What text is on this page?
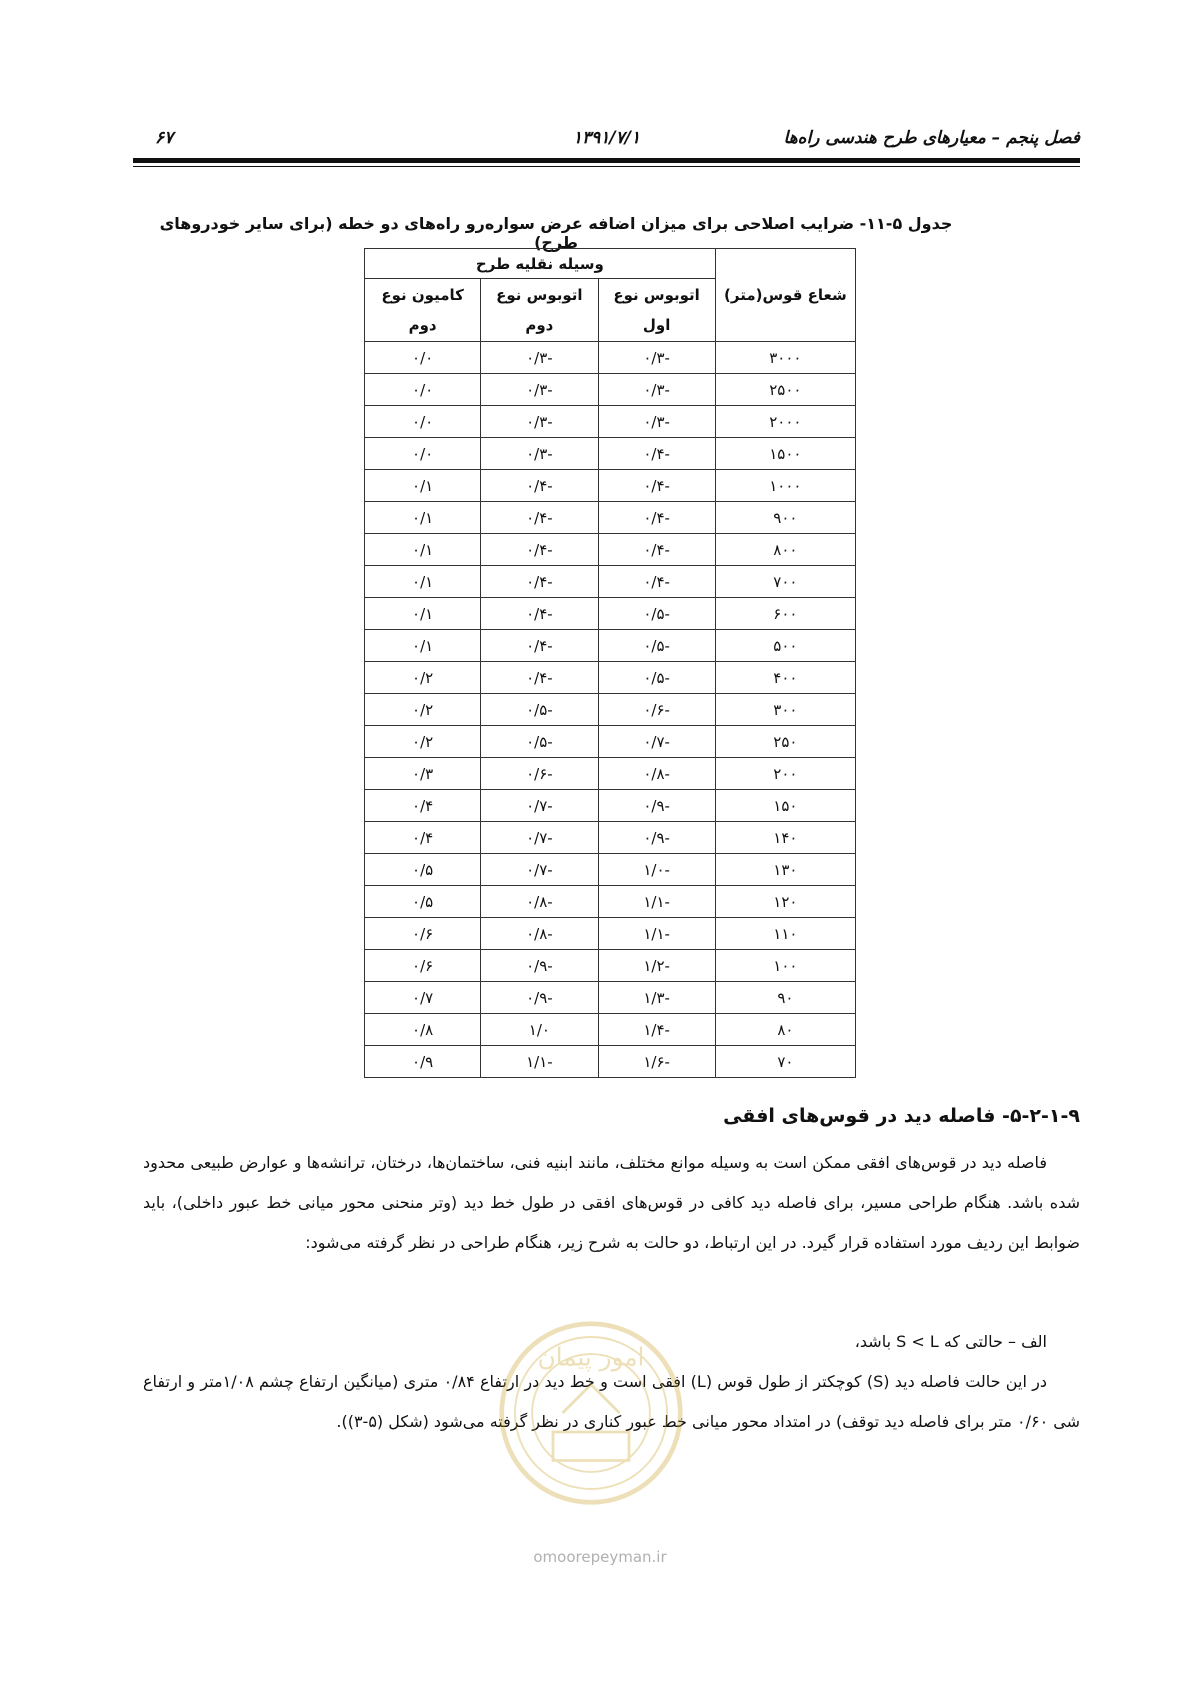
فصل پنجم – معیارهای طرح هندسی راه‌ها
۱۳۹۱/۷/۱
۶۷
جدول ۵-۱۱- ضرایب اصلاحی برای میزان اضافه عرض سواره‌رو راه‌های دو خطه (برای سایر خودروهای طرح)
شعاع قوس(متر)	وسیله نقلیه طرح		
	اتوبوس نوع اول	اتوبوس نوع دوم	کامیون نوع دوم
۳۰۰۰	-۰/۳	-۰/۳	۰/۰
۲۵۰۰	-۰/۳	-۰/۳	۰/۰
۲۰۰۰	-۰/۳	-۰/۳	۰/۰
۱۵۰۰	-۰/۴	-۰/۳	۰/۰
۱۰۰۰	-۰/۴	-۰/۴	۰/۱
۹۰۰	-۰/۴	-۰/۴	۰/۱
۸۰۰	-۰/۴	-۰/۴	۰/۱
۷۰۰	-۰/۴	-۰/۴	۰/۱
۶۰۰	-۰/۵	-۰/۴	۰/۱
۵۰۰	-۰/۵	-۰/۴	۰/۱
۴۰۰	-۰/۵	-۰/۴	۰/۲
۳۰۰	-۰/۶	-۰/۵	۰/۲
۲۵۰	-۰/۷	-۰/۵	۰/۲
۲۰۰	-۰/۸	-۰/۶	۰/۳
۱۵۰	-۰/۹	-۰/۷	۰/۴
۱۴۰	-۰/۹	-۰/۷	۰/۴
۱۳۰	-۱/۰	-۰/۷	۰/۵
۱۲۰	-۱/۱	-۰/۸	۰/۵
۱۱۰	-۱/۱	-۰/۸	۰/۶
۱۰۰	-۱/۲	-۰/۹	۰/۶
۹۰	-۱/۳	-۰/۹	۰/۷
۸۰	-۱/۴	۱/۰	۰/۸
۷۰	-۱/۶	-۱/۱	۰/۹
۵-۲-۱-۹- فاصله دید در قوس‌های افقی
فاصله دید در قوس‌های افقی ممکن است به وسیله موانع مختلف، مانند ابنیه فنی، ساختمان‌ها، درختان، ترانشه‌ها و عوارض طبیعی محدود شده باشد. هنگام طراحی مسیر، برای فاصله دید کافی در قوس‌های افقی در طول خط دید (وتر منحنی محور میانی خط عبور داخلی)، باید ضوابط این ردیف مورد استفاده قرار گیرد. در این ارتباط، دو حالت به شرح زیر، هنگام طراحی در نظر گرفته می‌شود:
الف – حالتی که S < L باشد،
در این حالت فاصله دید (S) کوچکتر از طول قوس (L) افقی است و خط دید در ارتفاع ۰/۸۴ متری (میانگین ارتفاع چشم ۱/۰۸متر و ارتفاع شی ۰/۶۰ متر برای فاصله دید توقف) در امتداد محور میانی خط عبور کناری در نظر گرفته می‌شود (شکل (۵-۳)).
امور پیمان
omoorepeyman.ir
